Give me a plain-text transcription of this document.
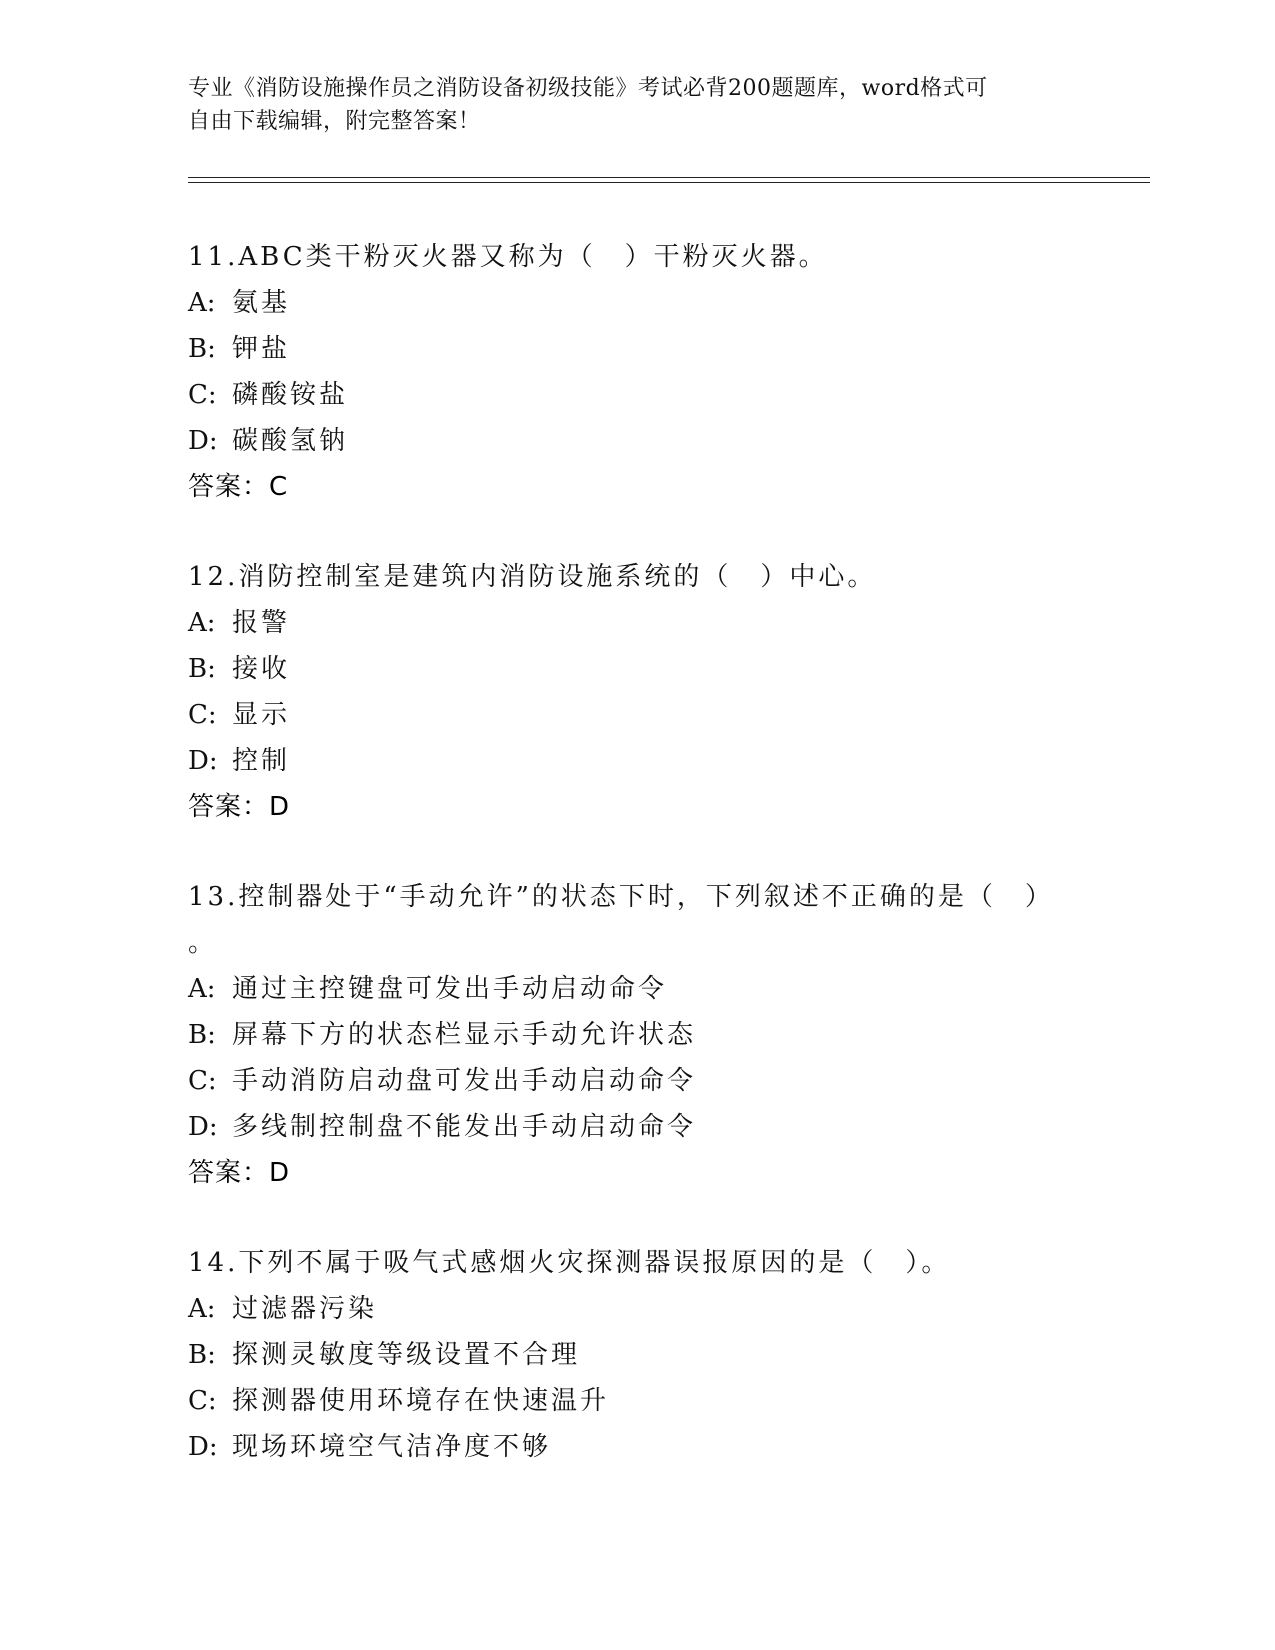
专业《消防设施操作员之消防设备初级技能》考试必背200题题库，word格式可
自由下载编辑，附完整答案！
11.ABC类干粉灭火器又称为（　）干粉灭火器。
A: 氨基
B: 钾盐
C: 磷酸铵盐
D: 碳酸氢钠
答案：C
12.消防控制室是建筑内消防设施系统的（　）中心。
A: 报警
B: 接收
C: 显示
D: 控制
答案：D
13.控制器处于“手动允许”的状态下时，下列叙述不正确的是（　）
。
A: 通过主控键盘可发出手动启动命令
B: 屏幕下方的状态栏显示手动允许状态
C: 手动消防启动盘可发出手动启动命令
D: 多线制控制盘不能发出手动启动命令
答案：D
14.下列不属于吸气式感烟火灾探测器误报原因的是（　）。
A: 过滤器污染
B: 探测灵敏度等级设置不合理
C: 探测器使用环境存在快速温升
D: 现场环境空气洁净度不够
